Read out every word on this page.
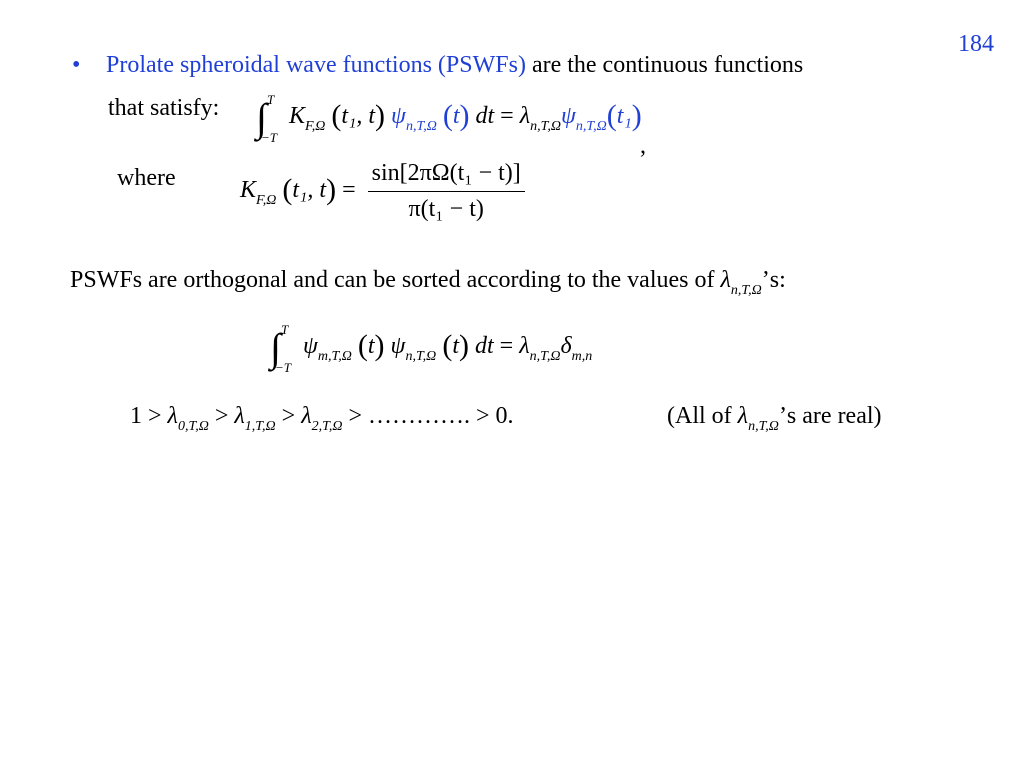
184
• Prolate spheroidal wave functions (PSWFs) are the continuous functions
that satisfy: ∫ T
−T
$K_{F,\Omega}$ (t₁, t) $\psi_{n,T,\Omega}$ (t) dt = $\lambda_{n,T,\Omega}\psi_{n,T,\Omega}(t_1)$
,
where	$K_{F,\Omega}$ (t₁, $t) = \frac{\text{sin[2πΩ(t₁ − t)]}}{\text{π(t₁ − t)}}$
PSWFs are orthogonal and can be sorted according to the values of $\lambda_{n,T,\Omega}’s$:
∫ T
−T
$\psi_{m,T,\Omega}$ (t) $\psi_{n,T,\Omega}$ (t) dt = $\lambda_{n,T,\Omega}\delta_{m,n}$
$1 > \lambda_{0,T,\Omega} > \lambda_{1,T,\Omega} > \lambda_{2,T,\Omega}$ > …………. > 0.	(All of $\lambda_{n,T,\Omega}’s$ are real)
